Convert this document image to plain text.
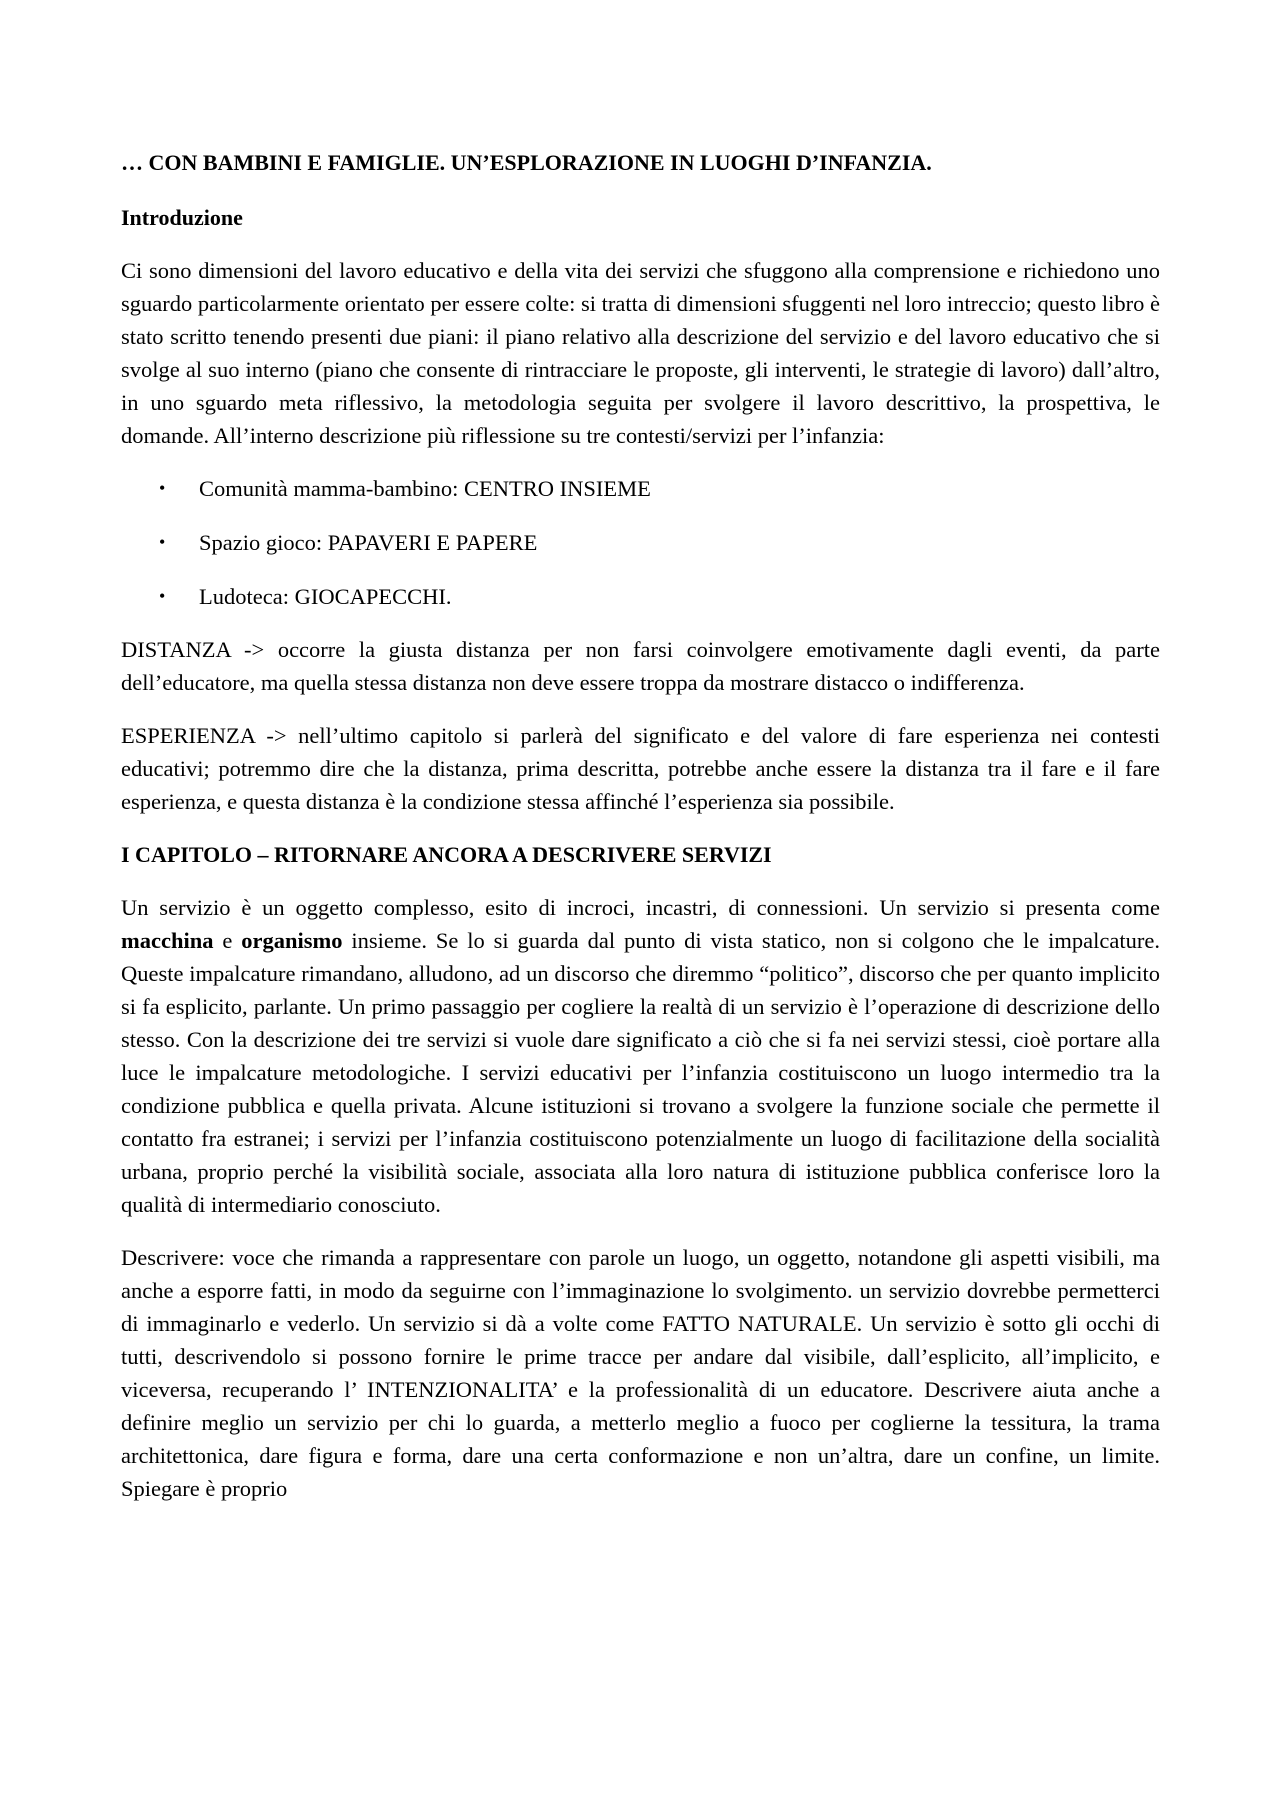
… CON BAMBINI E FAMIGLIE. UN’ESPLORAZIONE IN LUOGHI D’INFANZIA.
Introduzione

Ci sono dimensioni del lavoro educativo e della vita dei servizi che sfuggono alla comprensione e richiedono uno sguardo particolarmente orientato per essere colte: si tratta di dimensioni sfuggenti nel loro intreccio; questo libro è stato scritto tenendo presenti due piani: il piano relativo alla descrizione del servizio e del lavoro educativo che si svolge al suo interno (piano che consente di rintracciare le proposte, gli interventi, le strategie di lavoro) dall’altro, in uno sguardo meta riflessivo, la metodologia seguita per svolgere il lavoro descrittivo, la prospettiva, le domande. All’interno descrizione più riflessione su tre contesti/servizi per l’infanzia:

• Comunità mamma-bambino: CENTRO INSIEME
• Spazio gioco: PAPAVERI E PAPERE
• Ludoteca: GIOCAPECCHI.

DISTANZA -> occorre la giusta distanza per non farsi coinvolgere emotivamente dagli eventi, da parte dell’educatore, ma quella stessa distanza non deve essere troppa da mostrare distacco o indifferenza.

ESPERIENZA -> nell’ultimo capitolo si parlerà del significato e del valore di fare esperienza nei contesti educativi; potremmo dire che la distanza, prima descritta, potrebbe anche essere la distanza tra il fare e il fare esperienza, e questa distanza è la condizione stessa affinché l’esperienza sia possibile.

I CAPITOLO – RITORNARE ANCORA A DESCRIVERE SERVIZI

Un servizio è un oggetto complesso, esito di incroci, incastri, di connessioni. Un servizio si presenta come macchina e organismo insieme. Se lo si guarda dal punto di vista statico, non si colgono che le impalcature. Queste impalcature rimandano, alludono, ad un discorso che diremmo “politico”, discorso che per quanto implicito si fa esplicito, parlante. Un primo passaggio per cogliere la realtà di un servizio è l’operazione di descrizione dello stesso. Con la descrizione dei tre servizi si vuole dare significato a ciò che si fa nei servizi stessi, cioè portare alla luce le impalcature metodologiche. I servizi educativi per l’infanzia costituiscono un luogo intermedio tra la condizione pubblica e quella privata. Alcune istituzioni si trovano a svolgere la funzione sociale che permette il contatto fra estranei; i servizi per l’infanzia costituiscono potenzialmente un luogo di facilitazione della socialità urbana, proprio perché la visibilità sociale, associata alla loro natura di istituzione pubblica conferisce loro la qualità di intermediario conosciuto.

Descrivere: voce che rimanda a rappresentare con parole un luogo, un oggetto, notandone gli aspetti visibili, ma anche a esporre fatti, in modo da seguirne con l’immaginazione lo svolgimento. un servizio dovrebbe permetterci di immaginarlo e vederlo. Un servizio si dà a volte come FATTO NATURALE. Un servizio è sotto gli occhi di tutti, descrivendolo si possono fornire le prime tracce per andare dal visibile, dall’esplicito, all’implicito, e viceversa, recuperando l’ INTENZIONALITA’ e la professionalità di un educatore. Descrivere aiuta anche a definire meglio un servizio per chi lo guarda, a metterlo meglio a fuoco per coglierne la tessitura, la trama architettonica, dare figura e forma, dare una certa conformazione e non un’altra, dare un confine, un limite. Spiegare è proprio
